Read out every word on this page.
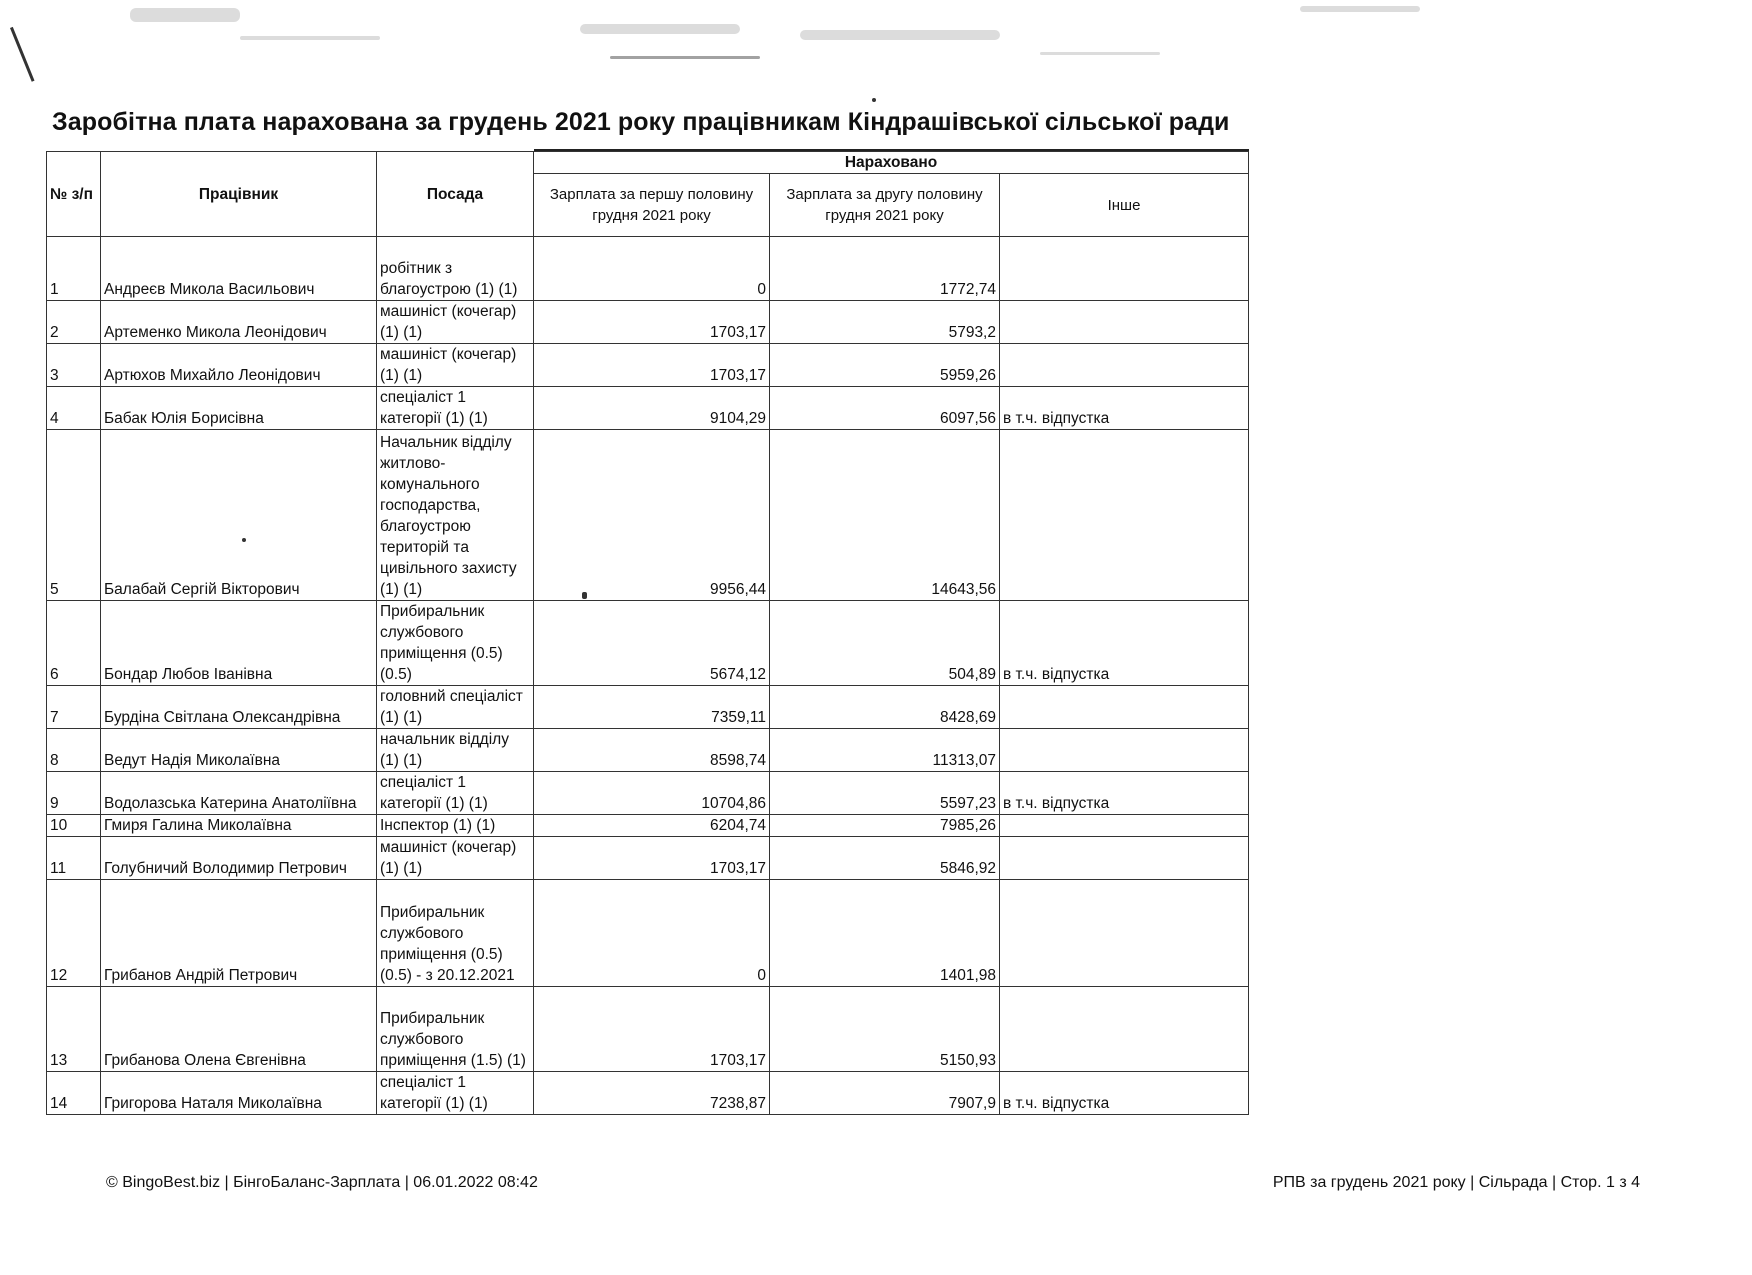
Заробітна плата нарахована за грудень 2021 року працівникам Кіндрашівської сільської ради
№ з/п	Працівник	Посада	Нараховано		
			Зарплата за першу половину грудня 2021 року	Зарплата за другу половину грудня 2021 року	Інше
1	Андреєв Микола Васильович	робітник з благоустрою (1) (1)	0	1772,74	
2	Артеменко Микола Леонідович	машиніст (кочегар) (1) (1)	1703,17	5793,2	
3	Артюхов Михайло Леонідович	машиніст (кочегар) (1) (1)	1703,17	5959,26	
4	Бабак Юлія Борисівна	спеціаліст 1 категорії (1) (1)	9104,29	6097,56	в т.ч. відпустка
5	Балабай Сергій Вікторович	Начальник відділу житлово-комунального господарства, благоустрою територій та цивільного захисту (1) (1)	9956,44	14643,56	
6	Бондар Любов Іванівна	Прибиральник службового приміщення (0.5) (0.5)	5674,12	504,89	в т.ч. відпустка
7	Бурдіна Світлана Олександрівна	головний спеціаліст (1) (1)	7359,11	8428,69	
8	Ведут Надія Миколаївна	начальник відділу (1) (1)	8598,74	11313,07	
9	Водолазська Катерина Анатоліївна	спеціаліст 1 категорії (1) (1)	10704,86	5597,23	в т.ч. відпустка
10	Гмиря Галина Миколаївна	Інспектор (1) (1)	6204,74	7985,26	
11	Голубничий Володимир Петрович	машиніст (кочегар) (1) (1)	1703,17	5846,92	
12	Грибанов Андрій Петрович	Прибиральник службового приміщення (0.5) (0.5) - з 20.12.2021	0	1401,98	
13	Грибанова Олена Євгенівна	Прибиральник службового приміщення (1.5) (1)	1703,17	5150,93	
14	Григорова Наталя Миколаївна	спеціаліст 1 категорії (1) (1)	7238,87	7907,9	в т.ч. відпустка
© BingoBest.biz | БінгоБаланс-Зарплата | 06.01.2022 08:42	РПВ за грудень 2021 року | Сільрада | Стор. 1 з 4
